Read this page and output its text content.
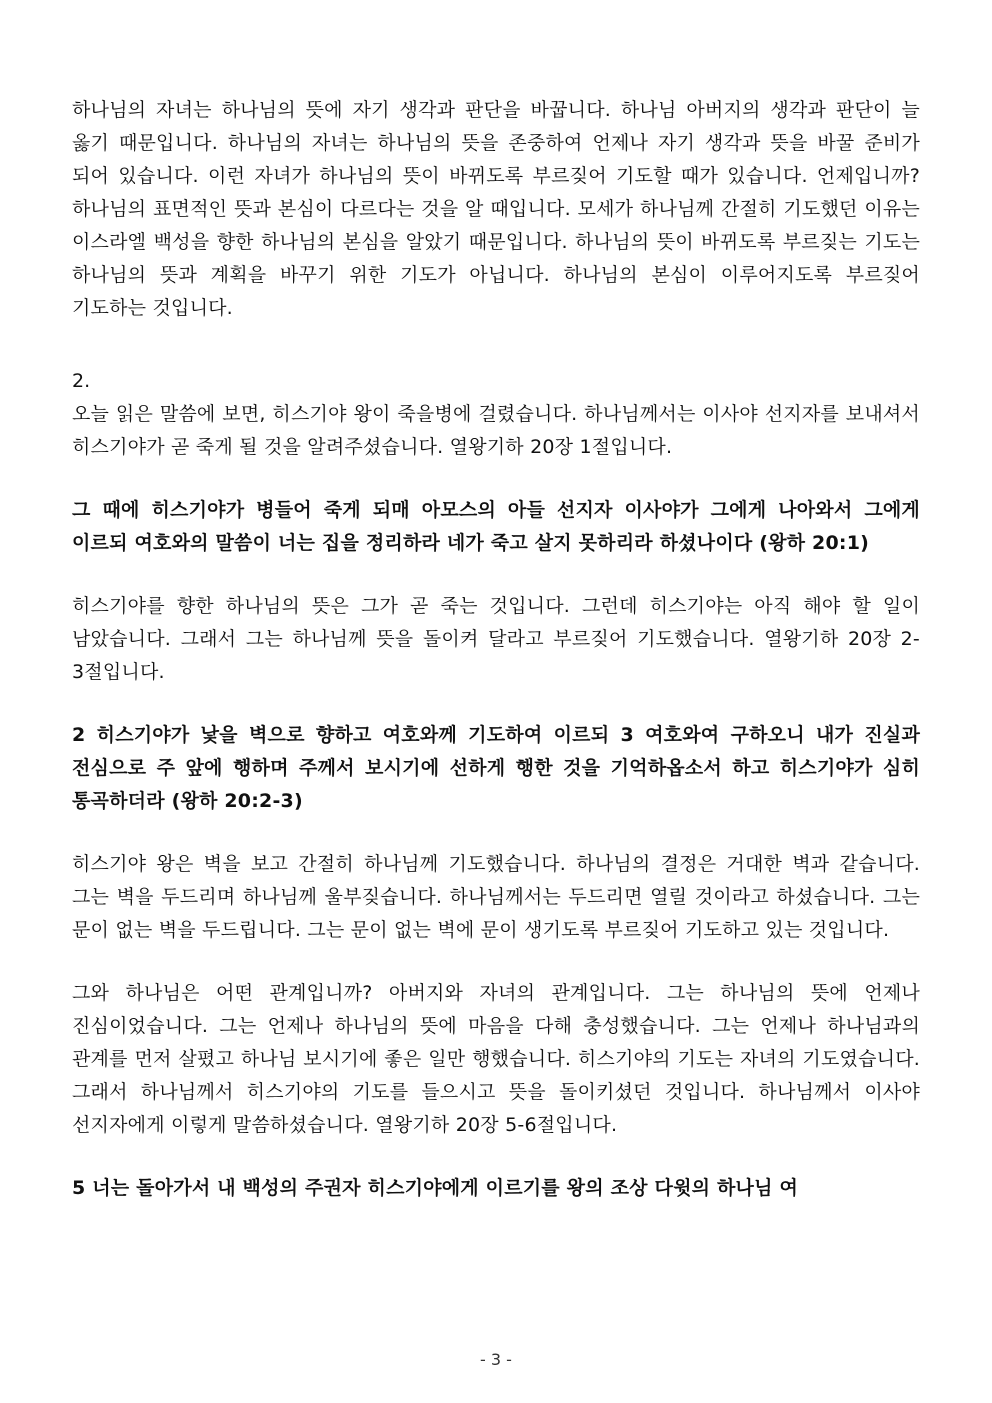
하나님의 자녀는 하나님의 뜻에 자기 생각과 판단을 바꿉니다. 하나님 아버지의 생각과 판단이 늘 옳기 때문입니다. 하나님의 자녀는 하나님의 뜻을 존중하여 언제나 자기 생각과 뜻을 바꿀 준비가 되어 있습니다. 이런 자녀가 하나님의 뜻이 바뀌도록 부르짖어 기도할 때가 있습니다. 언제입니까? 하나님의 표면적인 뜻과 본심이 다르다는 것을 알 때입니다. 모세가 하나님께 간절히 기도했던 이유는 이스라엘 백성을 향한 하나님의 본심을 알았기 때문입니다. 하나님의 뜻이 바뀌도록 부르짖는 기도는 하나님의 뜻과 계획을 바꾸기 위한 기도가 아닙니다. 하나님의 본심이 이루어지도록 부르짖어 기도하는 것입니다.

2.

오늘 읽은 말씀에 보면, 히스기야 왕이 죽을병에 걸렸습니다. 하나님께서는 이사야 선지자를 보내셔서 히스기야가 곧 죽게 될 것을 알려주셨습니다. 열왕기하 20장 1절입니다.

그 때에 히스기야가 병들어 죽게 되매 아모스의 아들 선지자 이사야가 그에게 나아와서 그에게 이르되 여호와의 말씀이 너는 집을 정리하라 네가 죽고 살지 못하리라 하셨나이다 (왕하 20:1)

히스기야를 향한 하나님의 뜻은 그가 곧 죽는 것입니다. 그런데 히스기야는 아직 해야 할 일이 남았습니다. 그래서 그는 하나님께 뜻을 돌이켜 달라고 부르짖어 기도했습니다. 열왕기하 20장 2-3절입니다.

2 히스기야가 낯을 벽으로 향하고 여호와께 기도하여 이르되 3 여호와여 구하오니 내가 진실과 전심으로 주 앞에 행하며 주께서 보시기에 선하게 행한 것을 기억하옵소서 하고 히스기야가 심히 통곡하더라 (왕하 20:2-3)

히스기야 왕은 벽을 보고 간절히 하나님께 기도했습니다. 하나님의 결정은 거대한 벽과 같습니다. 그는 벽을 두드리며 하나님께 울부짖습니다. 하나님께서는 두드리면 열릴 것이라고 하셨습니다. 그는 문이 없는 벽을 두드립니다. 그는 문이 없는 벽에 문이 생기도록 부르짖어 기도하고 있는 것입니다.

그와 하나님은 어떤 관계입니까? 아버지와 자녀의 관계입니다. 그는 하나님의 뜻에 언제나 진심이었습니다. 그는 언제나 하나님의 뜻에 마음을 다해 충성했습니다. 그는 언제나 하나님과의 관계를 먼저 살폈고 하나님 보시기에 좋은 일만 행했습니다. 히스기야의 기도는 자녀의 기도였습니다. 그래서 하나님께서 히스기야의 기도를 들으시고 뜻을 돌이키셨던 것입니다. 하나님께서 이사야 선지자에게 이렇게 말씀하셨습니다. 열왕기하 20장 5-6절입니다.

5 너는 돌아가서 내 백성의 주권자 히스기야에게 이르기를 왕의 조상 다윗의 하나님 여

- 3 -
